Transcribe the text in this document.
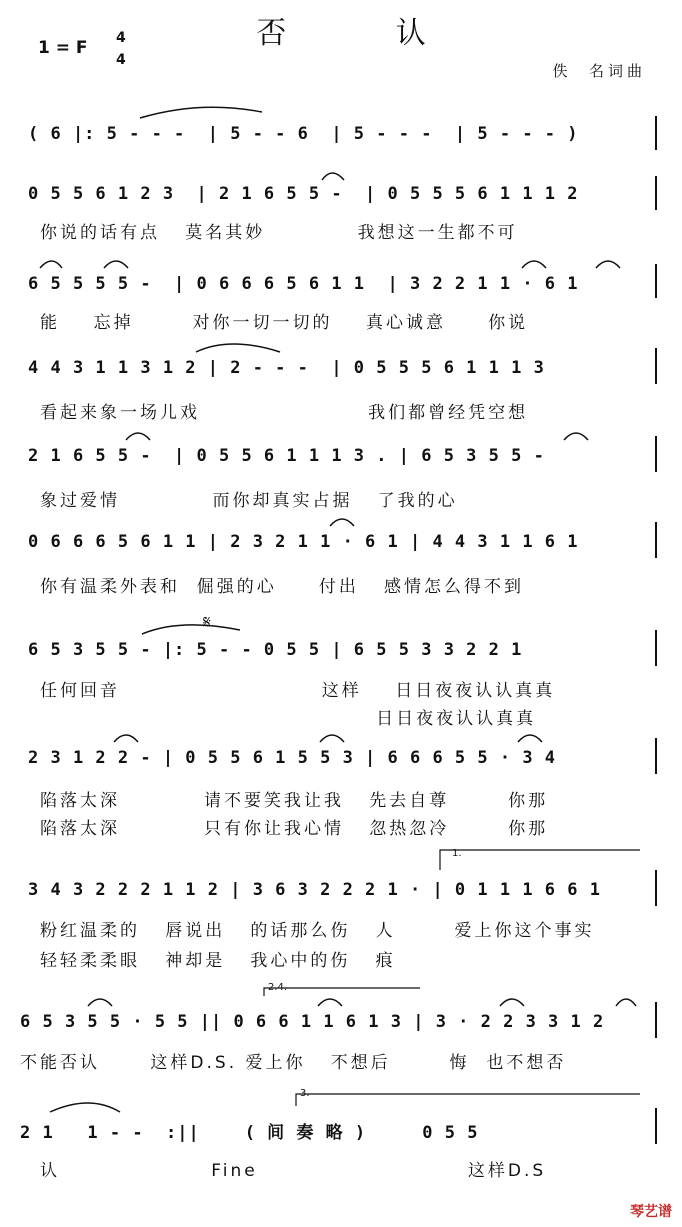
否 认
1 = F 4
4
佚  名词曲
( 6 |: 5 - - -  | 5 - - 6  | 5 - - -  | 5 - - - )
0 5 5 6 1 2 3  | 2 1 6 5 5 -  | 0 5 5 5 6 1 1 1 2
你说的话有点   莫名其妙           我想这一生都不可
6 5 5 5 5 -  | 0 6 6 6 5 6 1 1  | 3 2 2 1 1 · 6 1
能    忘掉       对你一切一切的    真心诚意     你说
4 4 3 1 1 3 1 2 | 2 - - -  | 0 5 5 5 6 1 1 1 3
看起来象一场儿戏                    我们都曾经凭空想
2 1 6 5 5 -  | 0 5 5 6 1 1 1 3 . | 6 5 3 5 5 -
象过爱情           而你却真实占据   了我的心
0 6 6 6 5 6 1 1 | 2 3 2 1 1 · 6 1 | 4 4 3 1 1 6 1
你有温柔外表和  倔强的心     付出   感情怎么得不到
6 5 3 5 5 - |: 5 - - 0 5 5 | 6 5 5 3 3 2 2 1
任何回音                        这样    日日夜夜认认真真
日日夜夜认认真真
2 3 1 2 2 - | 0 5 5 6 1 5 5 3 | 6 6 6 5 5 · 3 4
陷落太深          请不要笑我让我   先去自尊       你那
陷落太深          只有你让我心情   忽热忽冷       你那
3 4 3 2 2 2 1 1 2 | 3 6 3 2 2 2 1 · | 0 1 1 1 6 6 1
粉红温柔的   唇说出   的话那么伤   人       爱上你这个事实
轻轻柔柔眼   神却是   我心中的伤   痕
6 5 3 5 5 · 5 5 || 0 6 6 1 1 6 1 3 | 3 · 2 2 3 3 1 2
不能否认      这样D.S. 爱上你   不想后       悔  也不想否
2 1   1 - -  :||    ( 间 奏 略 )     0 5 5
认                  Fine                         这样D.S
2.4.
3.
1.
𝄋
琴艺谱
